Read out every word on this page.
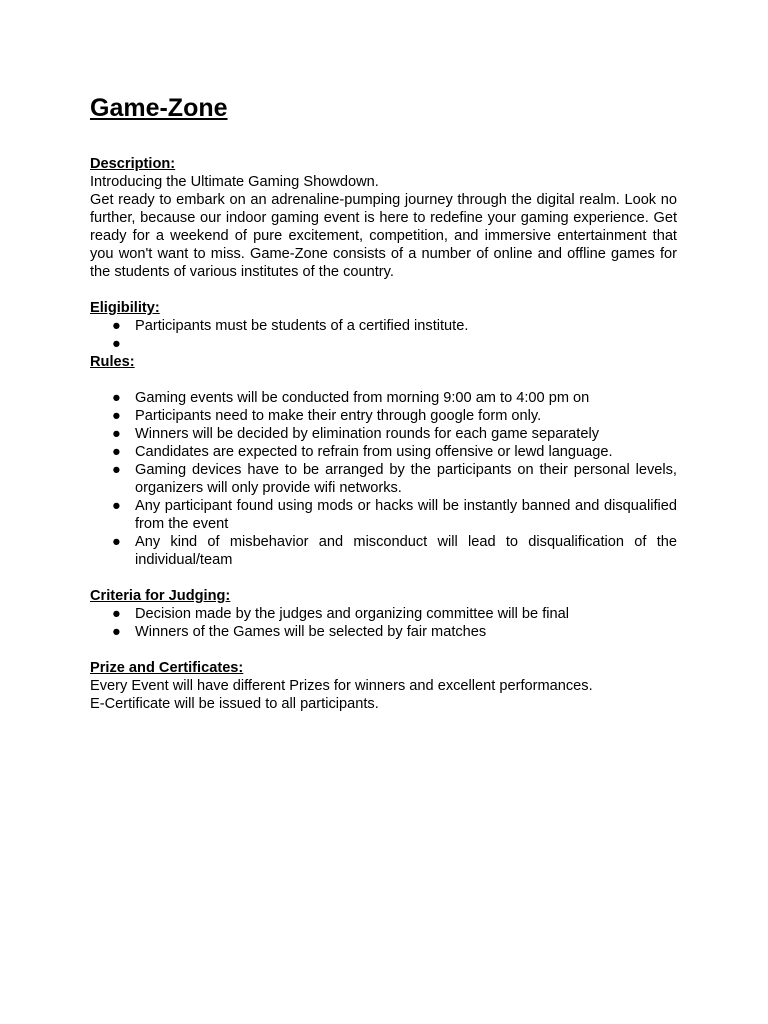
Game-Zone
Description:
Introducing the Ultimate Gaming Showdown.
Get ready to embark on an adrenaline-pumping journey through the digital realm. Look no further, because our indoor gaming event is here to redefine your gaming experience. Get ready for a weekend of pure excitement, competition, and immersive entertainment that you won't want to miss. Game-Zone consists of a number of online and offline games for the students of various institutes of the country.
Eligibility:
● Participants must be students of a certified institute.
●
Rules:
● Gaming events will be conducted from morning 9:00 am to 4:00 pm on
● Participants need to make their entry through google form only.
● Winners will be decided by elimination rounds for each game separately
● Candidates are expected to refrain from using offensive or lewd language.
● Gaming devices have to be arranged by the participants on their personal levels, organizers will only provide wifi networks.
● Any participant found using mods or hacks will be instantly banned and disqualified from the event
● Any kind of misbehavior and misconduct will lead to disqualification of the individual/team
Criteria for Judging:
● Decision made by the judges and organizing committee will be final
● Winners of the Games will be selected by fair matches
Prize and Certificates:
Every Event will have different Prizes for winners and excellent performances.
E-Certificate will be issued to all participants.
